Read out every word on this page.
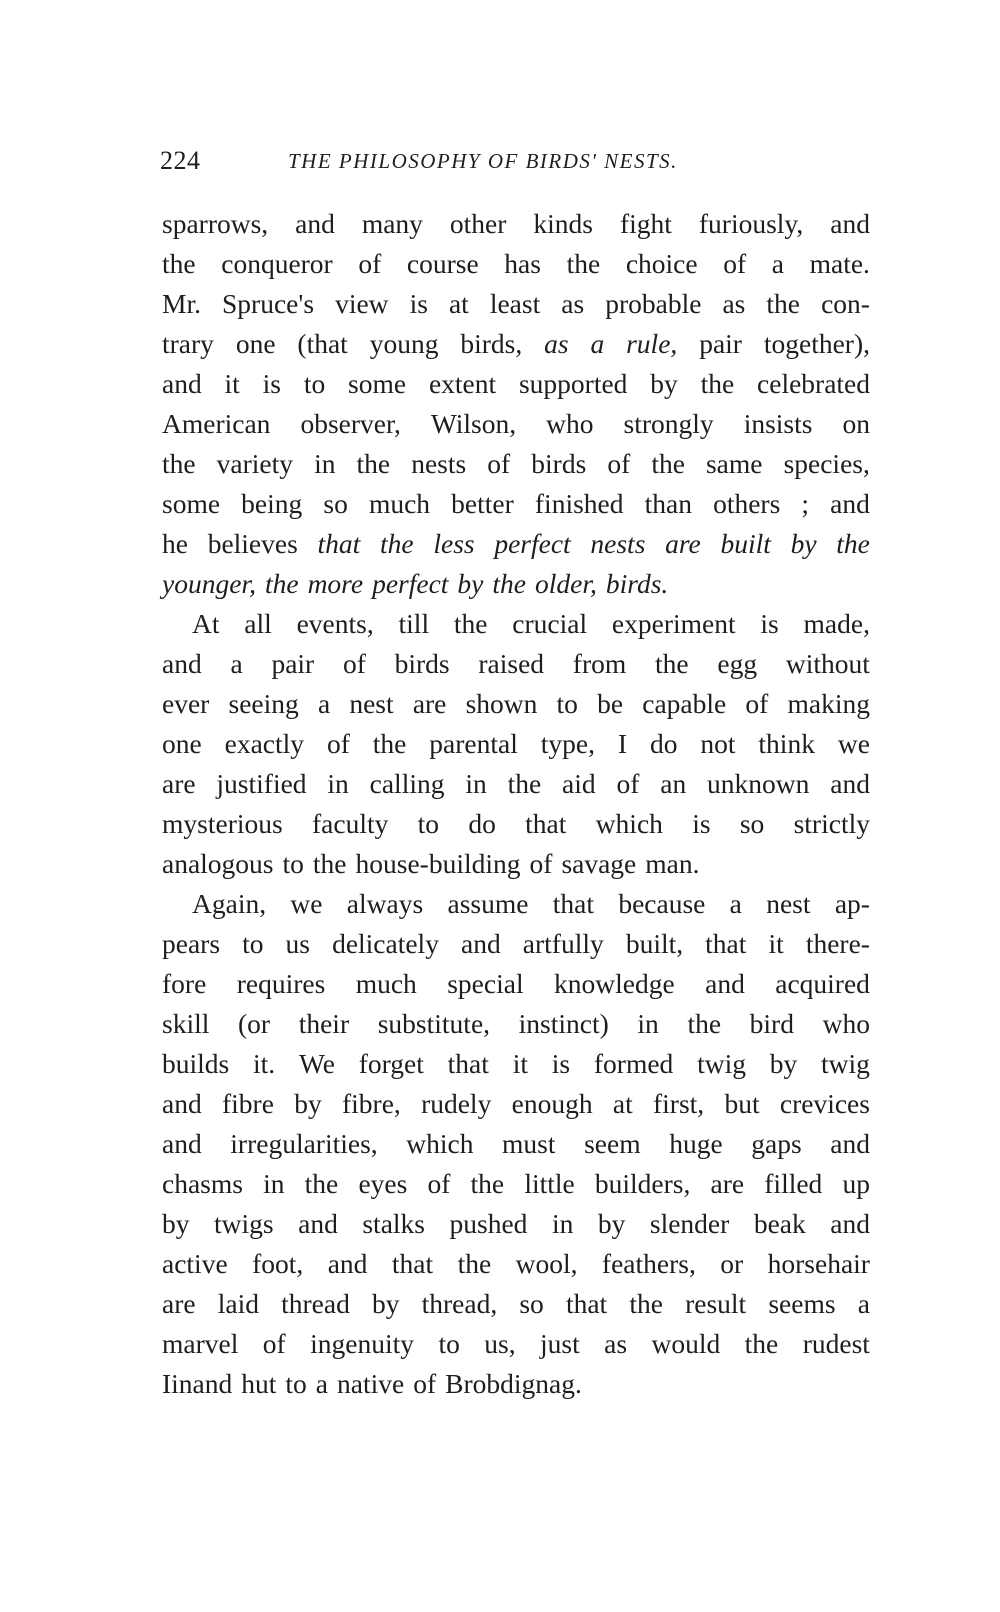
224	THE PHILOSOPHY OF BIRDS' NESTS.
sparrows, and many other kinds fight furiously, and
the conqueror of course has the choice of a mate.
Mr. Spruce's view is at least as probable as the con-
trary one (that young birds, as a rule, pair together),
and it is to some extent supported by the celebrated
American observer, Wilson, who strongly insists on
the variety in the nests of birds of the same species,
some being so much better finished than others ; and
he believes that the less perfect nests are built by the
younger, the more perfect by the older, birds.
At all events, till the crucial experiment is made,
and a pair of birds raised from the egg without
ever seeing a nest are shown to be capable of making
one exactly of the parental type, I do not think we
are justified in calling in the aid of an unknown and
mysterious faculty to do that which is so strictly
analogous to the house-building of savage man.
Again, we always assume that because a nest ap-
pears to us delicately and artfully built, that it there-
fore requires much special knowledge and acquired
skill (or their substitute, instinct) in the bird who
builds it. We forget that it is formed twig by twig
and fibre by fibre, rudely enough at first, but crevices
and irregularities, which must seem huge gaps and
chasms in the eyes of the little builders, are filled up
by twigs and stalks pushed in by slender beak and
active foot, and that the wool, feathers, or horsehair
are laid thread by thread, so that the result seems a
marvel of ingenuity to us, just as would the rudest
Iinand hut to a native of Brobdignag.
